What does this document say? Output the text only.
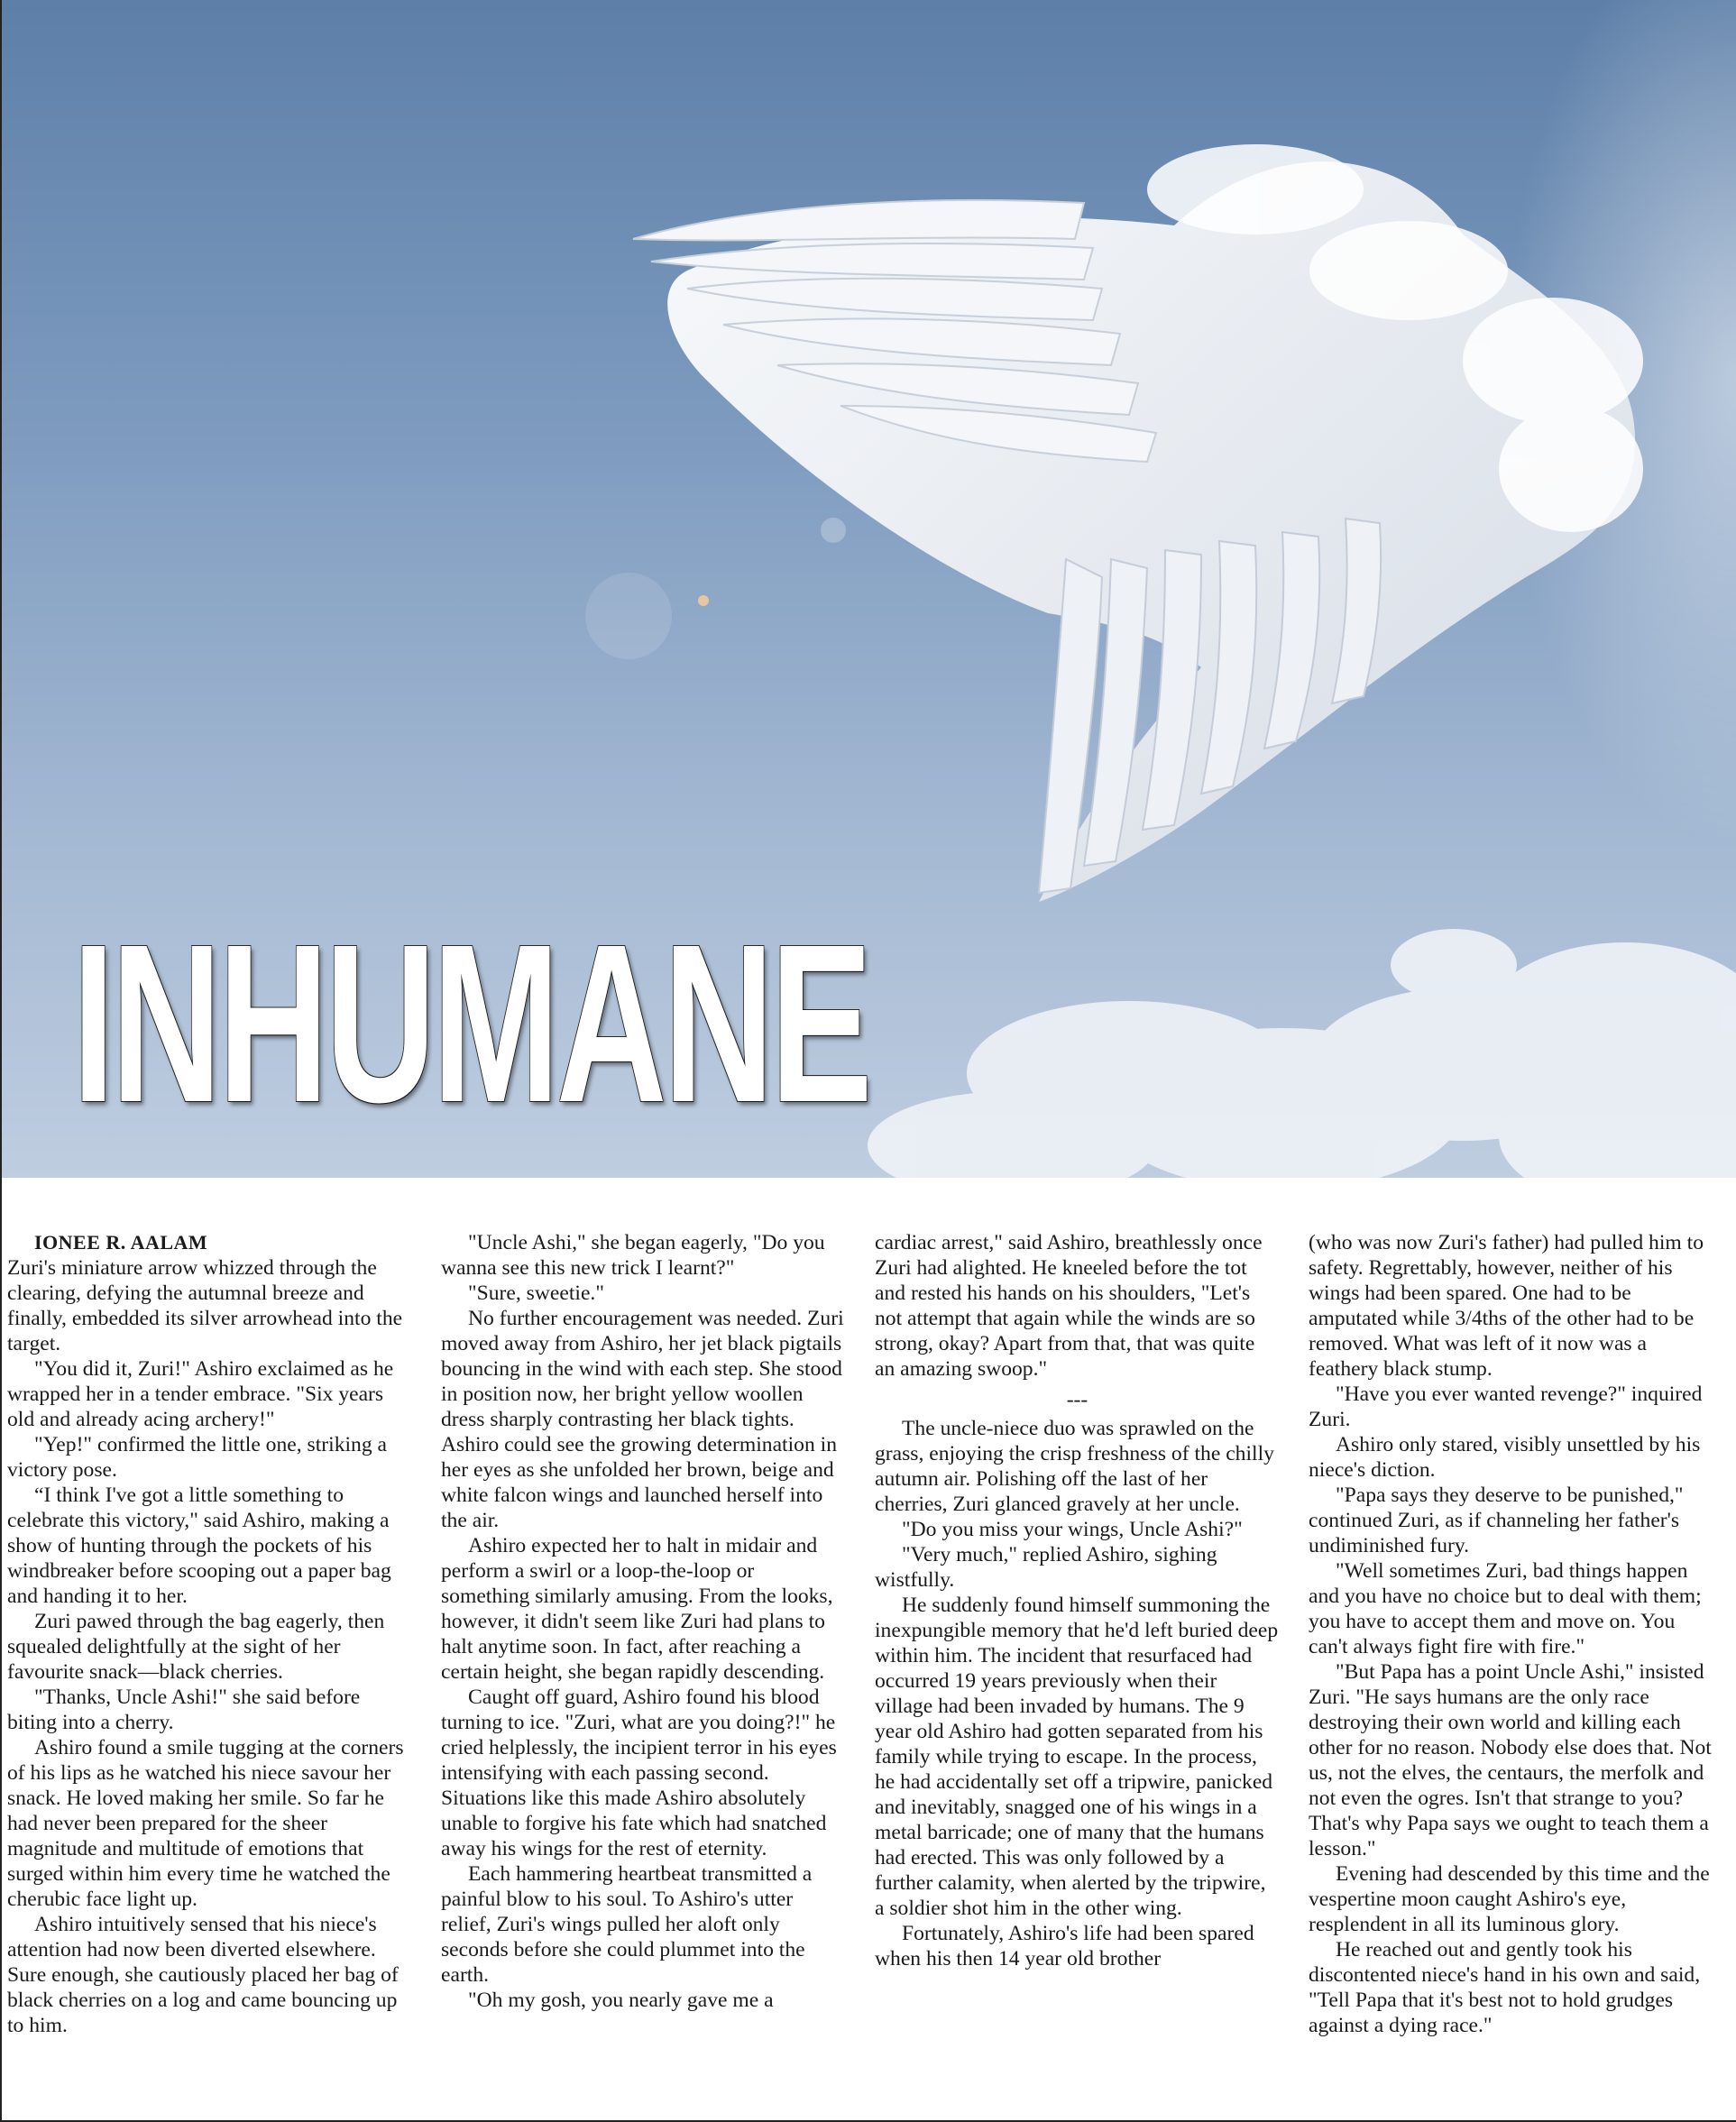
INHUMANE

IONEE R. AALAM

Zuri's miniature arrow whizzed through the clearing, defying the autumnal breeze and finally, embedded its silver arrowhead into the target.

"You did it, Zuri!" Ashiro exclaimed as he wrapped her in a tender embrace. "Six years old and already acing archery!"

"Yep!" confirmed the little one, striking a victory pose.

“I think I've got a little something to celebrate this victory," said Ashiro, making a show of hunting through the pockets of his windbreaker before scooping out a paper bag and handing it to her.

Zuri pawed through the bag eagerly, then squealed delightfully at the sight of her favourite snack—black cherries.

"Thanks, Uncle Ashi!" she said before biting into a cherry.

Ashiro found a smile tugging at the corners of his lips as he watched his niece savour her snack. He loved making her smile. So far he had never been prepared for the sheer magnitude and multitude of emotions that surged within him every time he watched the cherubic face light up.

Ashiro intuitively sensed that his niece's attention had now been diverted elsewhere. Sure enough, she cautiously placed her bag of black cherries on a log and came bouncing up to him.

"Uncle Ashi," she began eagerly, "Do you wanna see this new trick I learnt?"

"Sure, sweetie."

No further encouragement was needed. Zuri moved away from Ashiro, her jet black pigtails bouncing in the wind with each step. She stood in position now, her bright yellow woollen dress sharply contrasting her black tights. Ashiro could see the growing determination in her eyes as she unfolded her brown, beige and white falcon wings and launched herself into the air.

Ashiro expected her to halt in midair and perform a swirl or a loop-the-loop or something similarly amusing. From the looks, however, it didn't seem like Zuri had plans to halt anytime soon. In fact, after reaching a certain height, she began rapidly descending.

Caught off guard, Ashiro found his blood turning to ice. "Zuri, what are you doing?!" he cried helplessly, the incipient terror in his eyes intensifying with each passing second. Situations like this made Ashiro absolutely unable to forgive his fate which had snatched away his wings for the rest of eternity.

Each hammering heartbeat transmitted a painful blow to his soul. To Ashiro's utter relief, Zuri's wings pulled her aloft only seconds before she could plummet into the earth.

"Oh my gosh, you nearly gave me a

cardiac arrest," said Ashiro, breathlessly once Zuri had alighted. He kneeled before the tot and rested his hands on his shoulders, "Let's not attempt that again while the winds are so strong, okay? Apart from that, that was quite an amazing swoop."

---

The uncle-niece duo was sprawled on the grass, enjoying the crisp freshness of the chilly autumn air. Polishing off the last of her cherries, Zuri glanced gravely at her uncle.

"Do you miss your wings, Uncle Ashi?"

"Very much," replied Ashiro, sighing wistfully.

He suddenly found himself summoning the inexpungible memory that he'd left buried deep within him. The incident that resurfaced had occurred 19 years previously when their village had been invaded by humans. The 9 year old Ashiro had gotten separated from his family while trying to escape. In the process, he had accidentally set off a tripwire, panicked and inevitably, snagged one of his wings in a metal barricade; one of many that the humans had erected. This was only followed by a further calamity, when alerted by the tripwire, a soldier shot him in the other wing.

Fortunately, Ashiro's life had been spared when his then 14 year old brother

(who was now Zuri's father) had pulled him to safety. Regrettably, however, neither of his wings had been spared. One had to be amputated while 3/4ths of the other had to be removed. What was left of it now was a feathery black stump.

"Have you ever wanted revenge?" inquired Zuri.

Ashiro only stared, visibly unsettled by his niece's diction.

"Papa says they deserve to be punished," continued Zuri, as if channeling her father's undiminished fury.

"Well sometimes Zuri, bad things happen and you have no choice but to deal with them; you have to accept them and move on. You can't always fight fire with fire."

"But Papa has a point Uncle Ashi," insisted Zuri. "He says humans are the only race destroying their own world and killing each other for no reason. Nobody else does that. Not us, not the elves, the centaurs, the merfolk and not even the ogres. Isn't that strange to you? That's why Papa says we ought to teach them a lesson."

Evening had descended by this time and the vespertine moon caught Ashiro's eye, resplendent in all its luminous glory.

He reached out and gently took his discontented niece's hand in his own and said, "Tell Papa that it's best not to hold grudges against a dying race."
